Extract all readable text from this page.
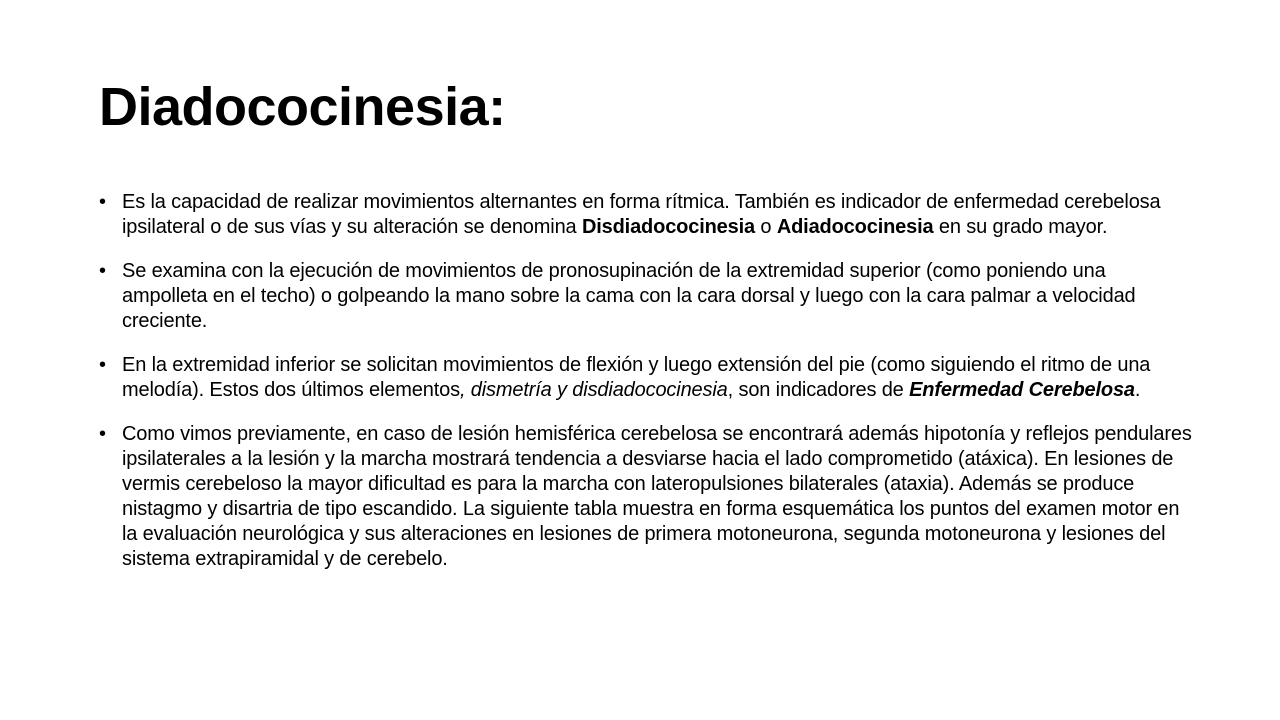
Diadococinesia:
• Es la capacidad de realizar movimientos alternantes en forma rítmica. También es indicador de enfermedad cerebelosa ipsilateral o de sus vías y su alteración se denomina Disdiadococinesia o Adiadococinesia en su grado mayor.
• Se examina con la ejecución de movimientos de pronosupinación de la extremidad superior (como poniendo una ampolleta en el techo) o golpeando la mano sobre la cama con la cara dorsal y luego con la cara palmar a velocidad creciente.
• En la extremidad inferior se solicitan movimientos de flexión y luego extensión del pie (como siguiendo el ritmo de una melodía). Estos dos últimos elementos, dismetría y disdiadococinesia, son indicadores de Enfermedad Cerebelosa.
• Como vimos previamente, en caso de lesión hemisférica cerebelosa se encontrará además hipotonía y reflejos pendulares ipsilaterales a la lesión y la marcha mostrará tendencia a desviarse hacia el lado comprometido (atáxica). En lesiones de vermis cerebeloso la mayor dificultad es para la marcha con lateropulsiones bilaterales (ataxia). Además se produce nistagmo y disartria de tipo escandido. La siguiente tabla muestra en forma esquemática los puntos del examen motor en la evaluación neurológica y sus alteraciones en lesiones de primera motoneurona, segunda motoneurona y lesiones del sistema extrapiramidal y de cerebelo.
